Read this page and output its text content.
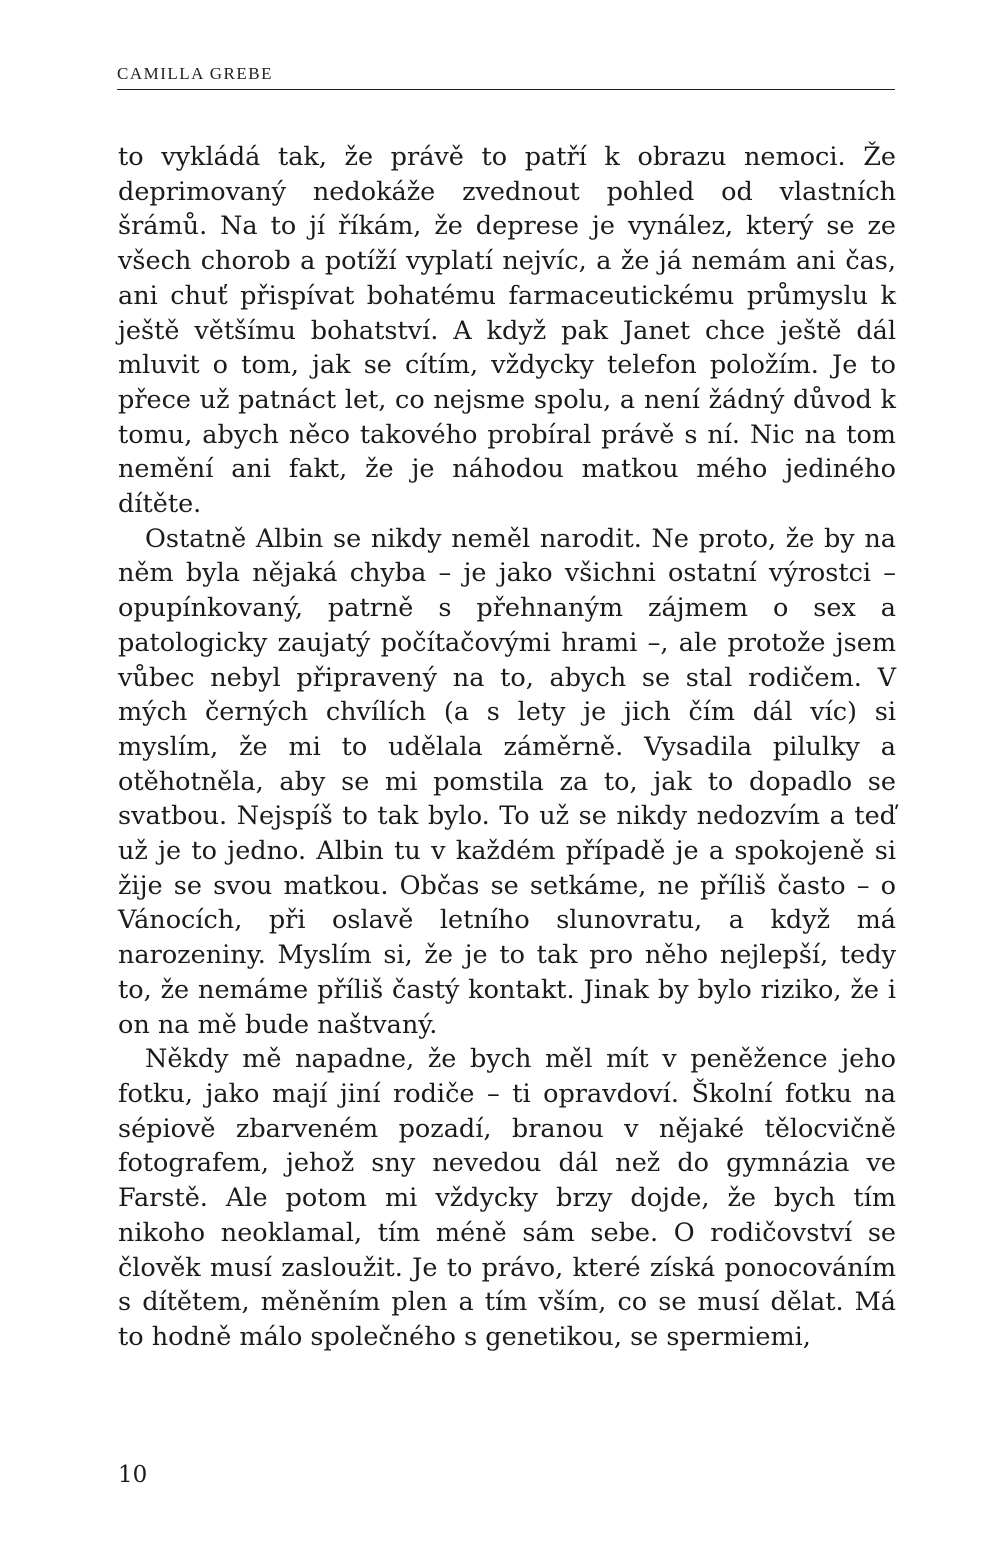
CAMILLA GREBE

to vykládá tak, že právě to patří k obrazu nemoci. Že deprimovaný nedokáže zvednout pohled od vlastních šrámů. Na to jí říkám, že deprese je vynález, který se ze všech chorob a potíží vyplatí nejvíc, a že já nemám ani čas, ani chuť přispívat bohatému farmaceutickému průmyslu k ještě většímu bohatství. A když pak Janet chce ještě dál mluvit o tom, jak se cítím, vždycky telefon položím. Je to přece už patnáct let, co nejsme spolu, a není žádný důvod k tomu, abych něco takového probíral právě s ní. Nic na tom nemění ani fakt, že je náhodou matkou mého jediného dítěte.

Ostatně Albin se nikdy neměl narodit. Ne proto, že by na něm byla nějaká chyba – je jako všichni ostatní výrostci – opupínkovaný, patrně s přehnaným zájmem o sex a patologicky zaujatý počítačovými hrami –, ale protože jsem vůbec nebyl připravený na to, abych se stal rodičem. V mých černých chvílích (a s lety je jich čím dál víc) si myslím, že mi to udělala záměrně. Vysadila pilulky a otěhotněla, aby se mi pomstila za to, jak to dopadlo se svatbou. Nejspíš to tak bylo. To už se nikdy nedozvím a teď už je to jedno. Albin tu v každém případě je a spokojeně si žije se svou matkou. Občas se setkáme, ne příliš často – o Vánocích, při oslavě letního slunovratu, a když má narozeniny. Myslím si, že je to tak pro něho nejlepší, tedy to, že nemáme příliš častý kontakt. Jinak by bylo riziko, že i on na mě bude naštvaný.

Někdy mě napadne, že bych měl mít v peněžence jeho fotku, jako mají jiní rodiče – ti opravdoví. Školní fotku na sépiově zbarveném pozadí, branou v nějaké tělocvičně fotografem, jehož sny nevedou dál než do gymnázia ve Farstě. Ale potom mi vždycky brzy dojde, že bych tím nikoho neoklamal, tím méně sám sebe. O rodičovství se člověk musí zasloužit. Je to právo, které získá ponocováním s dítětem, měněním plen a tím vším, co se musí dělat. Má to hodně málo společného s genetikou, se spermiemi,

10
